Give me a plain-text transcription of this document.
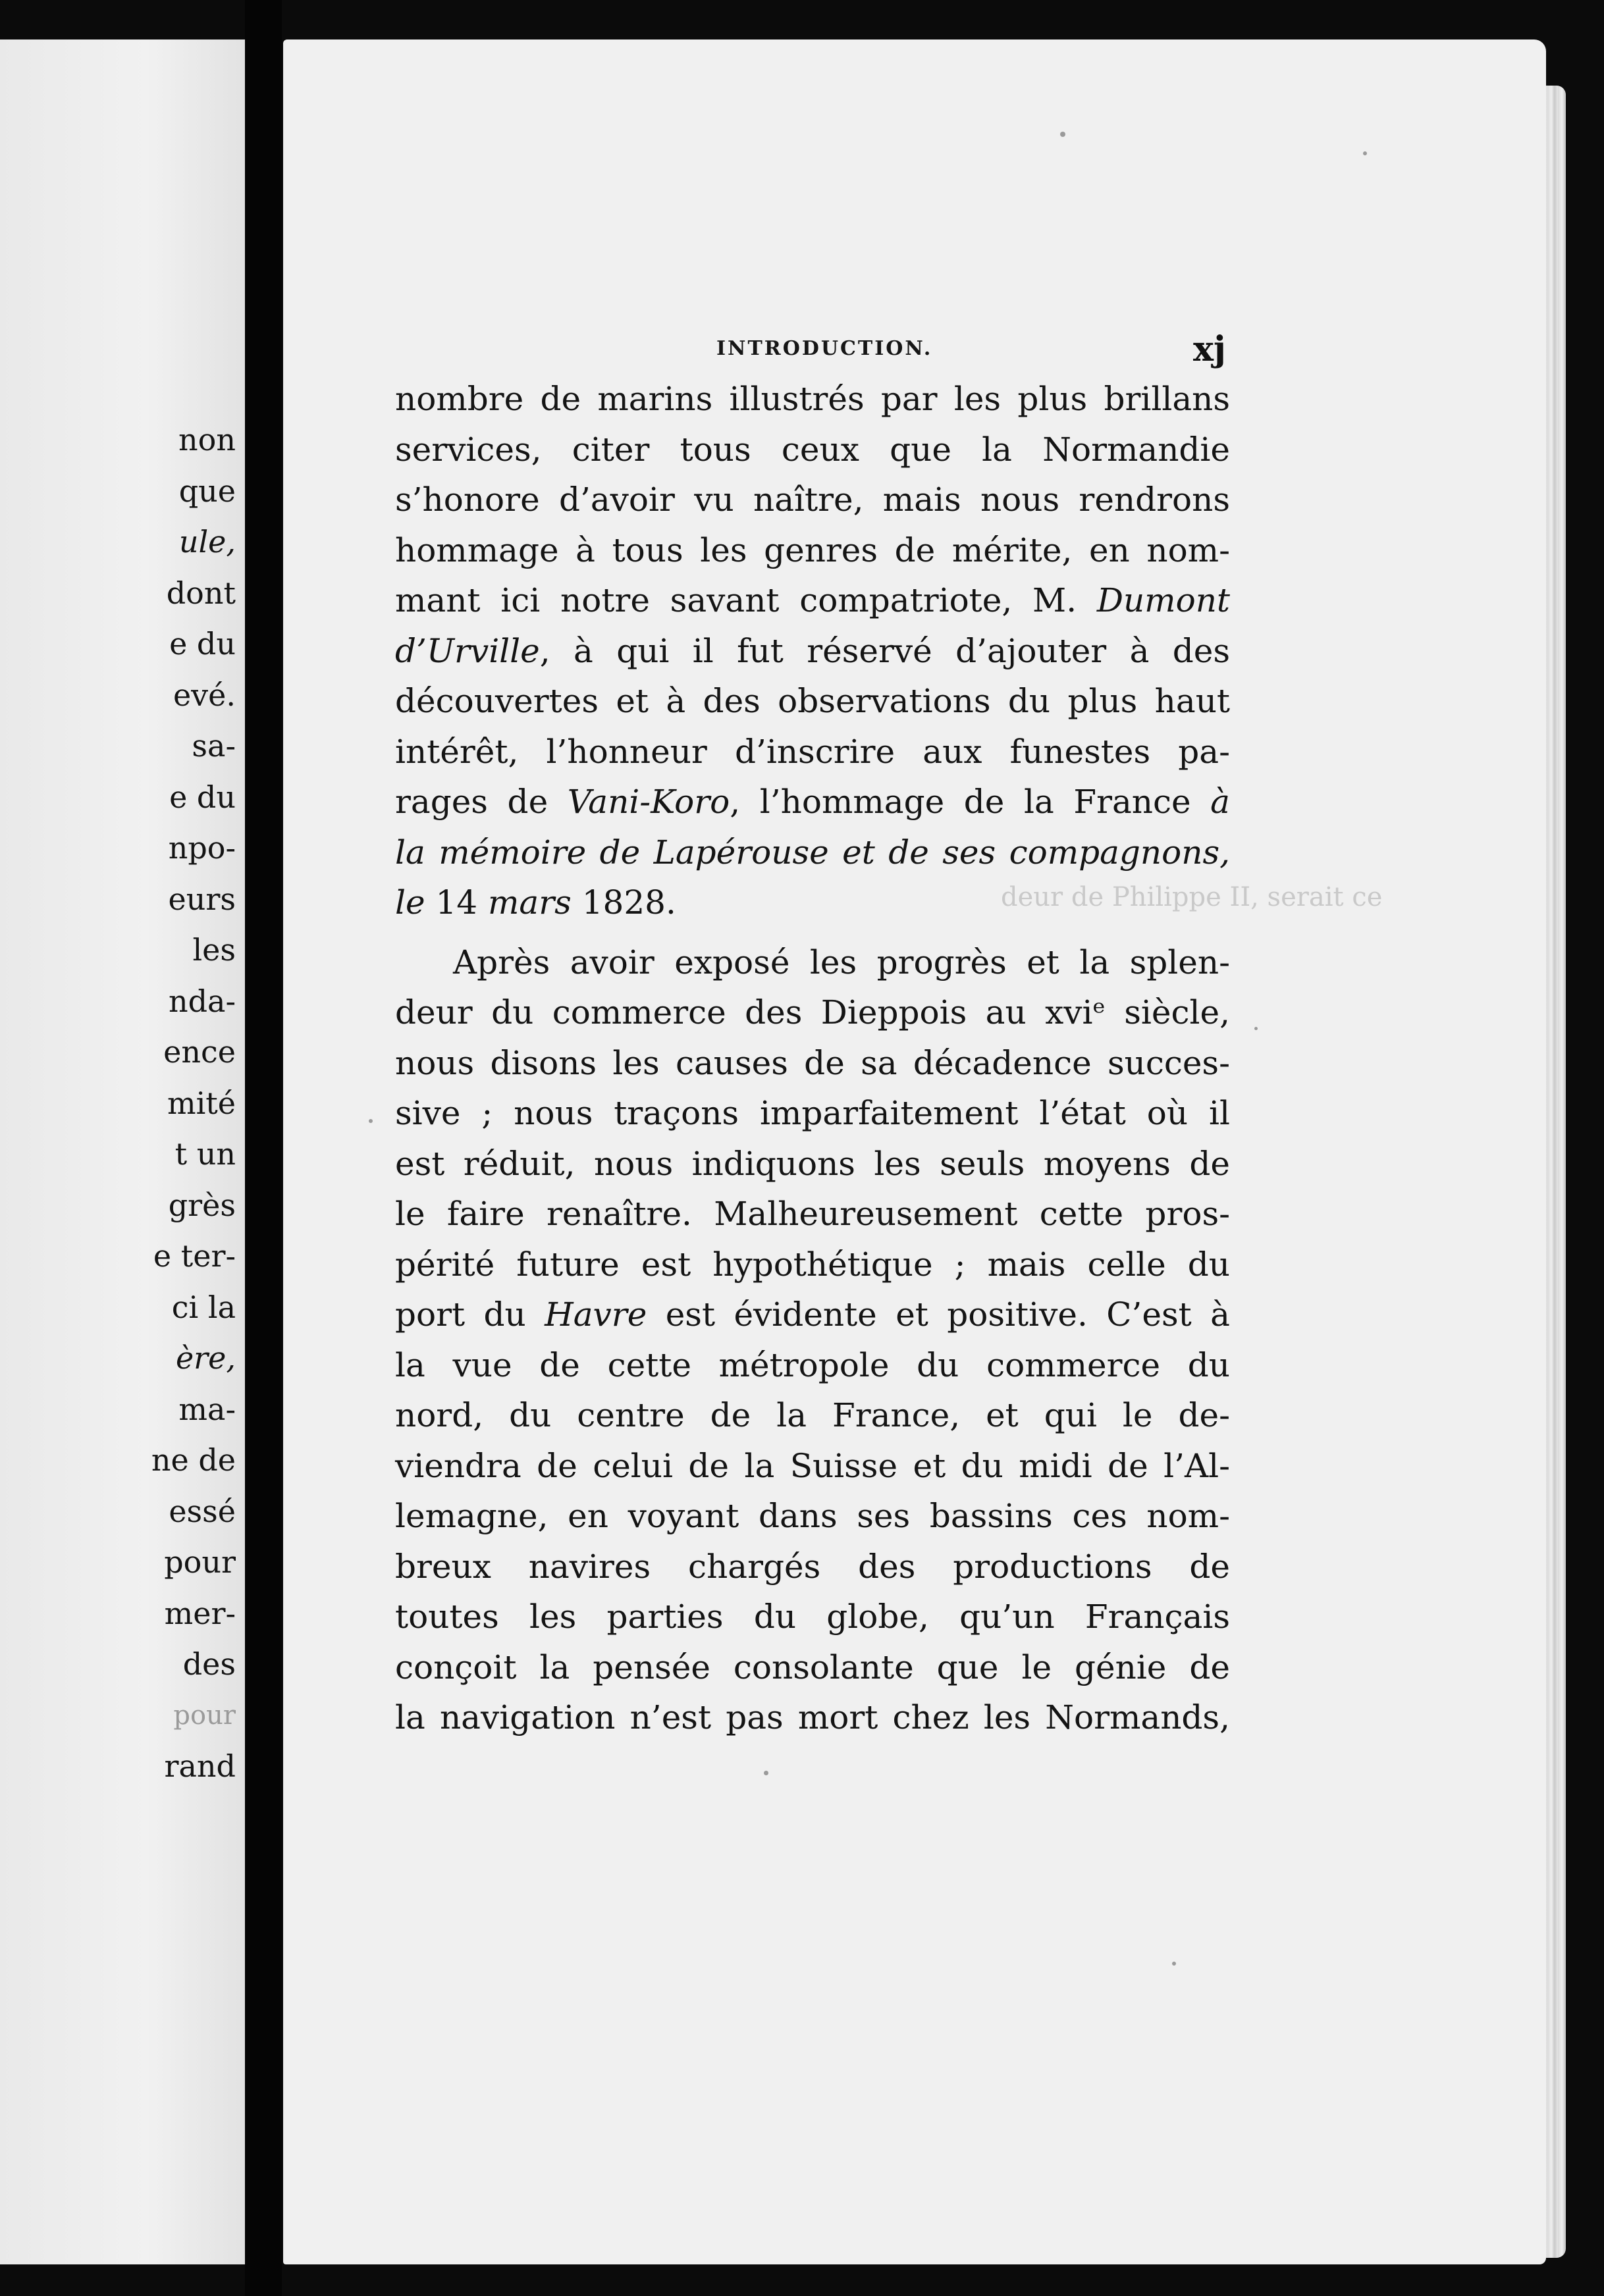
non
que
ule,
dont
e du
evé.
sa-
e du
npo-
eurs
les
nda-
ence
mité
t un
grès
e ter-
ci la
ère,
ma-
ne de
essé
pour
mer-
des
pour
rand
deur de Philippe II, serait ce
INTRODUCTION.	xj
nombre de marins illustrés par les plus brillans
services, citer tous ceux que la Normandie
s’honore d’avoir vu naître, mais nous rendrons
hommage à tous les genres de mérite, en nom-
mant ici notre savant compatriote, M. Dumont
d’Urville, à qui il fut réservé d’ajouter à des
découvertes et à des observations du plus haut
intérêt, l’honneur d’inscrire aux funestes pa-
rages de Vani-Koro, l’hommage de la France à
la mémoire de Lapérouse et de ses compagnons,
le 14 mars 1828.
Après avoir exposé les progrès et la splen-
deur du commerce des Dieppois au xviᵉ siècle,
nous disons les causes de sa décadence succes-
sive ; nous traçons imparfaitement l’état où il
est réduit, nous indiquons les seuls moyens de
le faire renaître. Malheureusement cette pros-
périté future est hypothétique ; mais celle du
port du Havre est évidente et positive. C’est à
la vue de cette métropole du commerce du
nord, du centre de la France, et qui le de-
viendra de celui de la Suisse et du midi de l’Al-
lemagne, en voyant dans ses bassins ces nom-
breux navires chargés des productions de
toutes les parties du globe, qu’un Français
conçoit la pensée consolante que le génie de
la navigation n’est pas mort chez les Normands,
